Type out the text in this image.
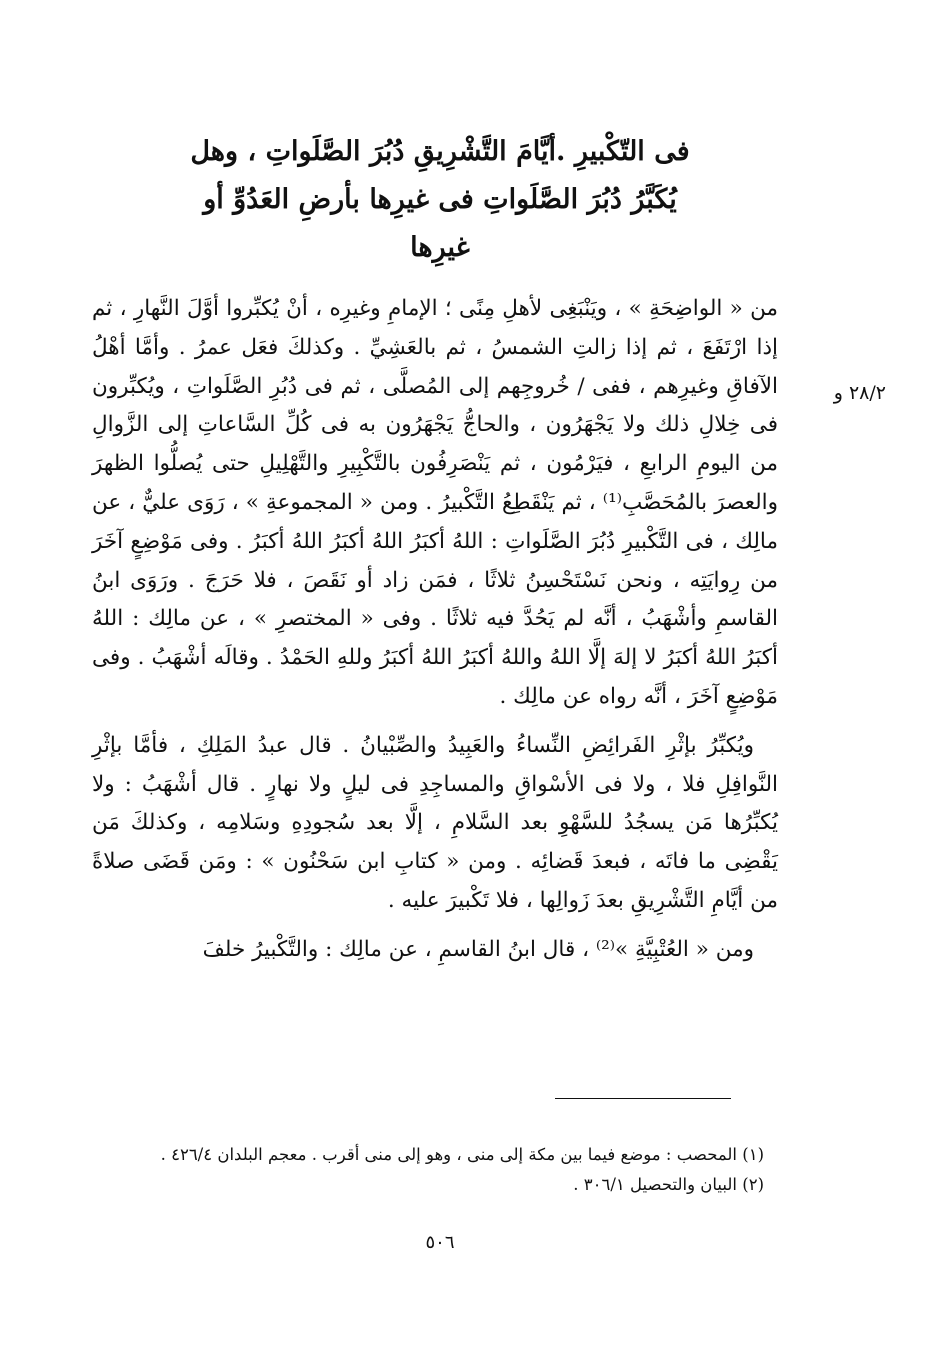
فى التّكْبيرِ .أيَّامَ التَّشْرِيقِ دُبُرَ الصَّلَواتِ ، وهل
يُكَبَّرُ دُبُرَ الصَّلَواتِ فى غيرِها بأرضِ العَدُوِّ أو
غيرِها
٢٨/٢ و

من « الواضِحَةِ » ، ويَنْبَغِى لأهلِ مِنًى ؛ الإمامِ وغيرِه ، أنْ يُكبِّروا أوَّلَ النَّهارِ ، ثم إذا ارْتَفَعَ ، ثم إذا زالتِ الشمسُ ، ثم بالعَشِيِّ . وكذلكَ فعَل عمرُ . وأمَّا أهْلُ الآفاقِ وغيرِهم ، ففى / خُروجِهم إلى المُصلَّى ، ثم فى دُبُرِ الصَّلَواتِ ، ويُكبِّرون فى خِلالِ ذلك ولا يَجْهَرُون ، والحاجُّ يَجْهَرُون به فى كُلِّ السَّاعاتِ إلى الزَّوالِ من اليومِ الرابعِ ، فيَرْمُون ، ثم يَنْصَرِفُون بالتَّكْبِيرِ والتَّهْلِيلِ حتى يُصلُّوا الظهرَ والعصرَ بالمُحَصَّبِ⁽¹⁾ ، ثم يَنْقَطِعُ التَّكْبيرُ . ومن « المجموعةِ » ، رَوَى عليٌّ ، عن مالِك ، فى التَّكْبيرِ دُبُرَ الصَّلَواتِ : اللهُ أكبَرُ اللهُ أكبَرُ اللهُ أكبَرُ . وفى مَوْضِعٍ آخَرَ من رِوايَتِه ، ونحن نَسْتَحْسِنُ ثلاثًا ، فمَن زاد أو نَقَصَ ، فلا حَرَجَ . ورَوَى ابنُ القاسمِ وأشْهَبُ ، أنَّه لم يَحُدَّ فيه ثلاثًا . وفى « المختصرِ » ، عن مالِك : اللهُ أكبَرُ اللهُ أكبَرُ لا إلهَ إلَّا اللهُ واللهُ أكبَرُ اللهُ أكبَرُ وللهِ الحَمْدُ . وقالَه أشْهَبُ . وفى مَوْضِعٍ آخَرَ ، أنَّه رواه عن مالِك .

ويُكبِّرُ بإثْرِ الفَرائِضِ النِّساءُ والعَبِيدُ والصِّبْيانُ . قال عبدُ المَلِكِ ، فأمَّا بإثْرِ النَّوافِلِ فلا ، ولا فى الأسْواقِ والمساجِدِ فى ليلٍ ولا نهارٍ . قال أشْهَبُ : ولا يُكبِّرُها مَن يسجُدُ للسَّهْوِ بعد السَّلامِ ، إلَّا بعد سُجودِهِ وسَلامِه ، وكذلكَ مَن يَقْضِى ما فاتَه ، فبعدَ قَضائِه . ومن « كتابِ ابن سَحْنُون » : ومَن قَضَى صلاةً من أيَّامِ التَّشْرِيقِ بعدَ زَوالِها ، فلا تَكْبيرَ عليه .

ومن « العُتْبِيَّةِ »⁽²⁾ ، قال ابنُ القاسمِ ، عن مالِك : والتَّكْبيرُ خلفَ

(١) المحصب : موضع فيما بين مكة إلى منى ، وهو إلى منى أقرب . معجم البلدان ٤٢٦/٤ .
(٢) البيان والتحصيل ٣٠٦/١ .
٥٠٦
